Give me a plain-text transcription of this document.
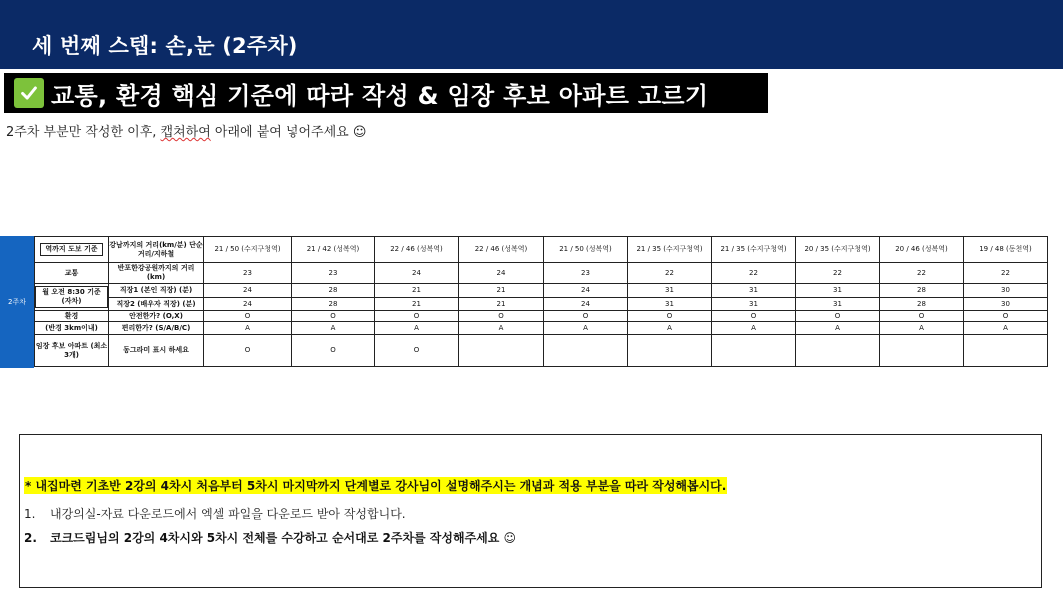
세 번째 스텝: 손,눈 (2주차)
교통, 환경 핵심 기준에 따라 작성 & 임장 후보 아파트 고르기
2주차 부분만 작성한 이후, 캡쳐하여 아래에 붙여 넣어주세요 ☺
2주차
역까지 도보 기준	강남까지의 거리(km/분) 단순거리/지하철	21 / 50 (수지구청역)	21 / 42 (성복역)	22 / 46 (성복역)	22 / 46 (성복역)	21 / 50 (성복역)	21 / 35 (수지구청역)	21 / 35 (수지구청역)	20 / 35 (수지구청역)	20 / 46 (성복역)	19 / 48 (동천역)
교통	반포한강공원까지의 거리 (km)	23	23	24	24	23	22	22	22	22	22
월 오전 8:30 기준 (자차)	직장1 (본인 직장) (분)	24	28	21	21	24	31	31	31	28	30
	직장2 (배우자 직장) (분)	24	28	21	21	24	31	31	31	28	30
환경	안전한가? (O,X)	O	O	O	O	O	O	O	O	O	O
(반경 3km이내)	편리한가? (S/A/B/C)	A	A	A	A	A	A	A	A	A	A
임장 후보 아파트 (최소 3개)	동그라미 표시 하세요	O	O	O							
* 내집마련 기초반 2강의 4차시 처음부터 5차시 마지막까지 단계별로 강사님이 설명해주시는 개념과 적용 부분을 따라 작성해봅시다.
1. 내강의실-자료 다운로드에서 엑셀 파일을 다운로드 받아 작성합니다.
2. 코크드림님의 2강의 4차시와 5차시 전체를 수강하고 순서대로 2주차를 작성해주세요 ☺
